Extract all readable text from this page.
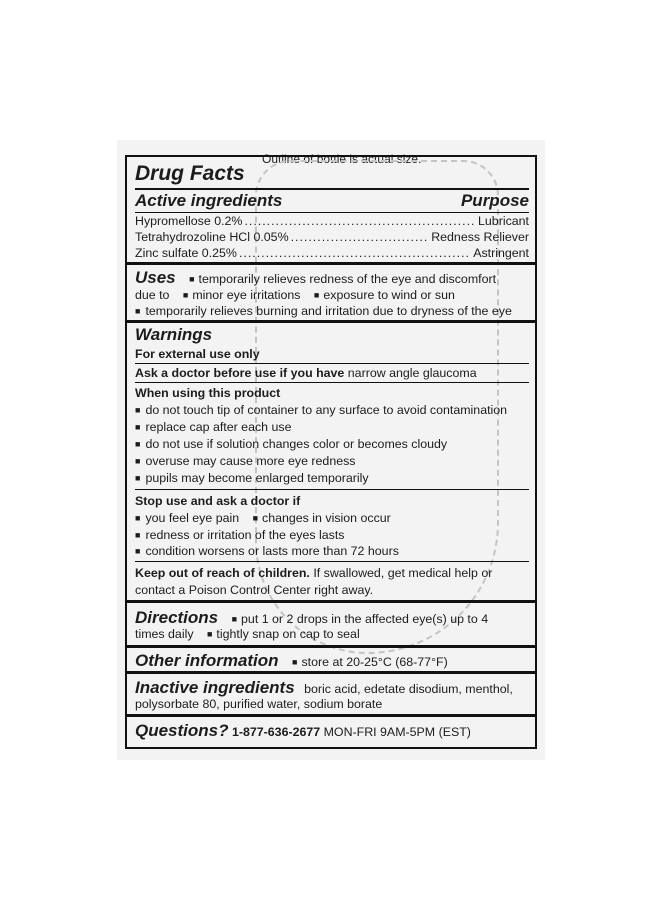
Outline of bottle is actual size.
Drug Facts
Active ingredients	Purpose
Hypromellose 0.2% .....	Lubricant
Tetrahydrozoline HCl 0.05% .....	Redness Reliever
Zinc sulfate 0.25% .....	Astringent
Uses ■ temporarily relieves redness of the eye and discomfort
due to ■ minor eye irritations ■ exposure to wind or sun
■ temporarily relieves burning and irritation due to dryness of the eye
Warnings
For external use only
Ask a doctor before use if you have narrow angle glaucoma
When using this product
■ do not touch tip of container to any surface to avoid contamination
■ replace cap after each use
■ do not use if solution changes color or becomes cloudy
■ overuse may cause more eye redness
■ pupils may become enlarged temporarily
Stop use and ask a doctor if
■ you feel eye pain ■ changes in vision occur
■ redness or irritation of the eyes lasts
■ condition worsens or lasts more than 72 hours
Keep out of reach of children. If swallowed, get medical help or
contact a Poison Control Center right away.
Directions ■ put 1 or 2 drops in the affected eye(s) up to 4
times daily ■ tightly snap on cap to seal
Other information ■ store at 20-25°C (68-77°F)
Inactive ingredients boric acid, edetate disodium, menthol,
polysorbate 80, purified water, sodium borate
Questions? 1-877-636-2677 MON-FRI 9AM-5PM (EST)
